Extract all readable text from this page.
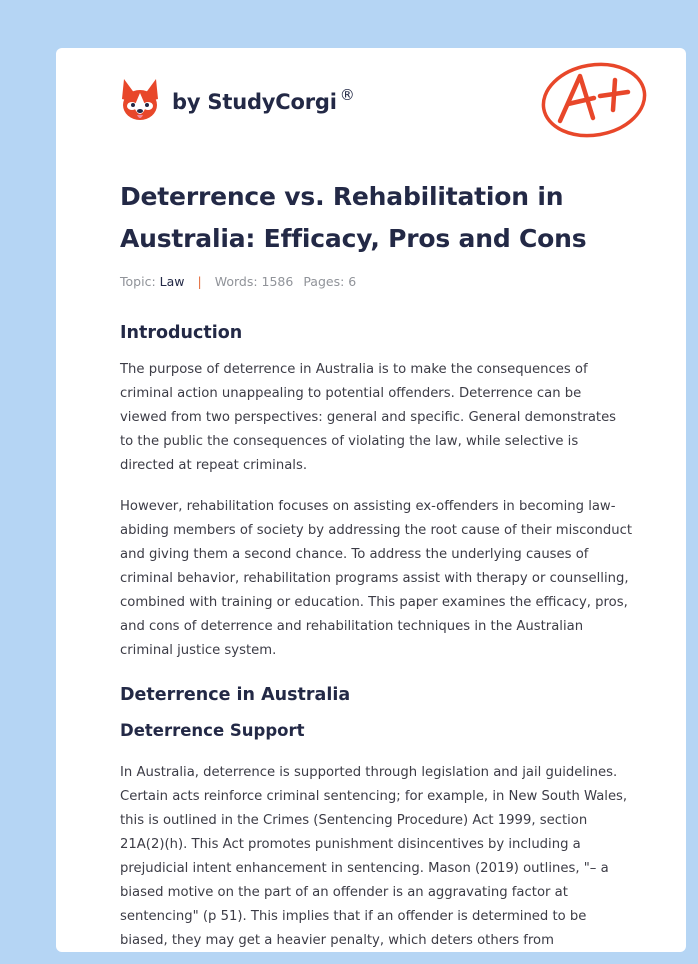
by StudyCorgi ®
Deterrence vs. Rehabilitation in Australia: Efficacy, Pros and Cons
Topic: Law | Words: 1586 Pages: 6
Introduction

The purpose of deterrence in Australia is to make the consequences of criminal action unappealing to potential offenders. Deterrence can be viewed from two perspectives: general and specific. General demonstrates to the public the consequences of violating the law, while selective is directed at repeat criminals.

However, rehabilitation focuses on assisting ex-offenders in becoming law-abiding members of society by addressing the root cause of their misconduct and giving them a second chance. To address the underlying causes of criminal behavior, rehabilitation programs assist with therapy or counselling, combined with training or education. This paper examines the efficacy, pros, and cons of deterrence and rehabilitation techniques in the Australian criminal justice system.

Deterrence in Australia
Deterrence Support

In Australia, deterrence is supported through legislation and jail guidelines. Certain acts reinforce criminal sentencing; for example, in New South Wales, this is outlined in the Crimes (Sentencing Procedure) Act 1999, section 21A(2)(h). This Act promotes punishment disincentives by including a prejudicial intent enhancement in sentencing. Mason (2019) outlines, "– a biased motive on the part of an offender is an aggravating factor at sentencing" (p 51). This implies that if an offender is determined to be biased, they may get a heavier penalty, which deters others from
